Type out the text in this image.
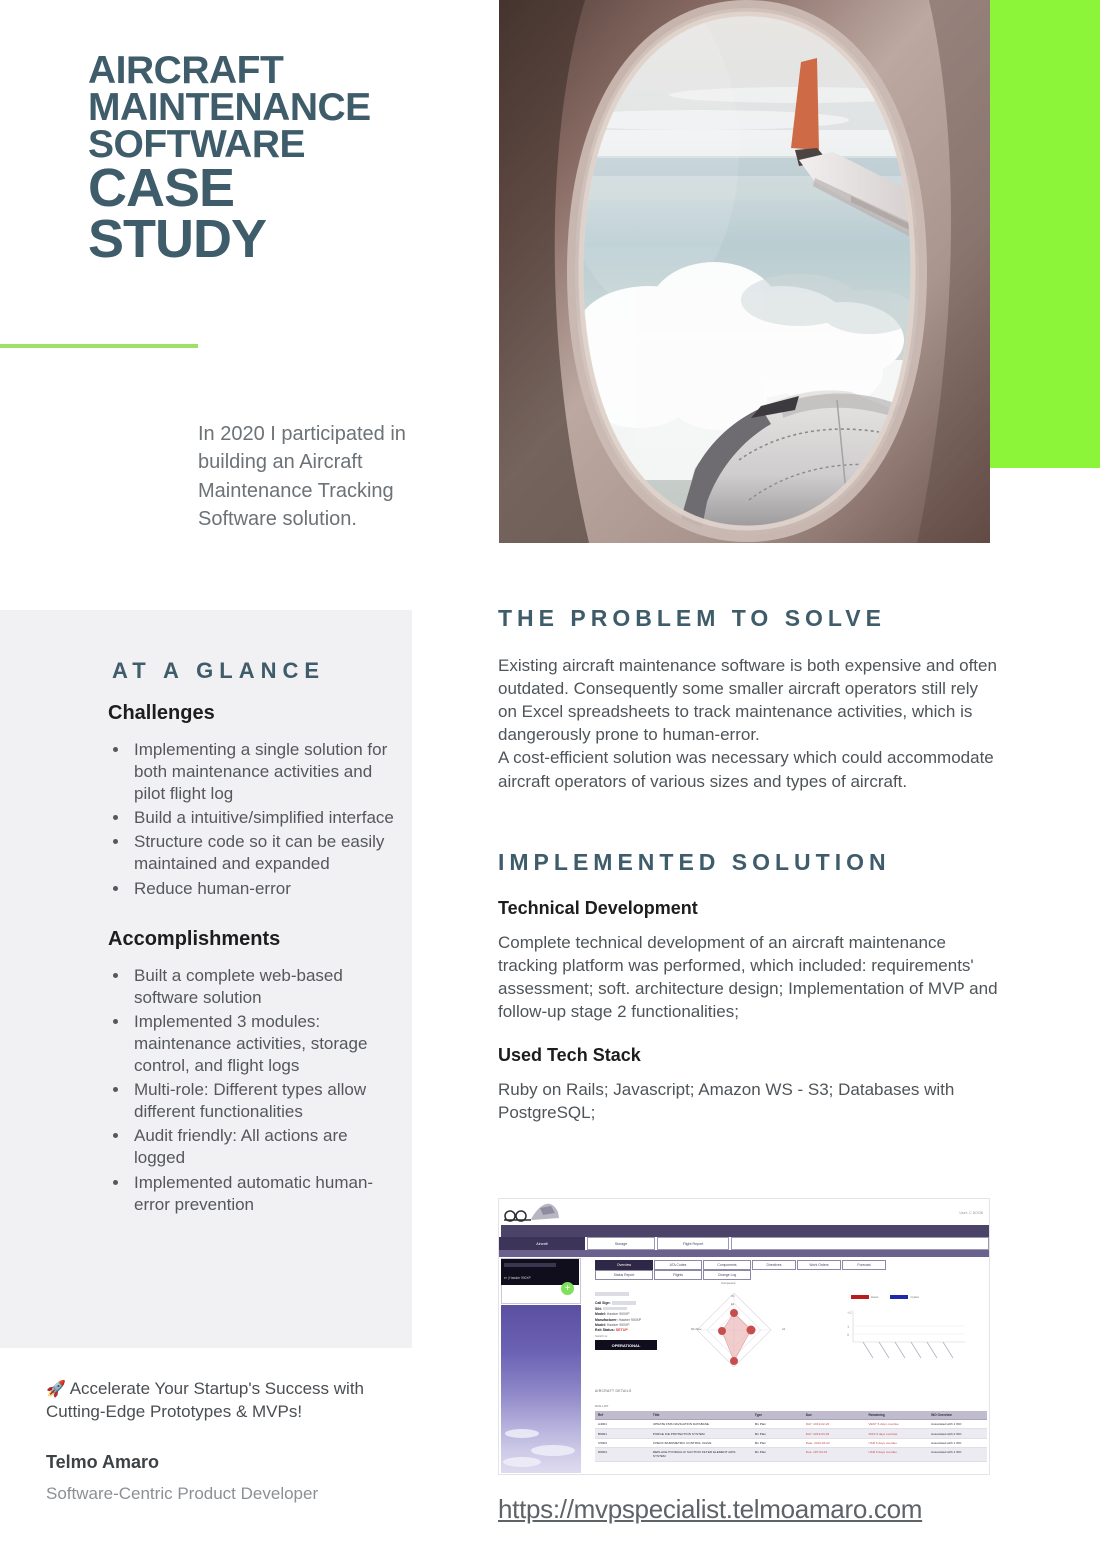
AIRCRAFT
MAINTENANCE
SOFTWARE
CASE
STUDY
In 2020 I participated in building an Aircraft Maintenance Tracking Software solution.
AT A GLANCE
Challenges
• Implementing a single solution for both maintenance activities and pilot flight log
• Build a intuitive/simplified interface
• Structure code so it can be easily maintained and expanded
• Reduce human-error
Accomplishments
• Built a complete web-based software solution
• Implemented 3 modules: maintenance activities, storage control, and flight logs
• Multi-role: Different types allow different functionalities
• Audit friendly: All actions are logged
• Implemented automatic human-error prevention
🚀 Accelerate Your Startup's Success with Cutting-Edge Prototypes & MVPs!
Telmo Amaro
Software-Centric Product Developer
THE PROBLEM TO SOLVE
Existing aircraft maintenance software is both expensive and often outdated. Consequently some smaller aircraft operators still rely on Excel spreadsheets to track maintenance activities, which is dangerously prone to human-error.
A cost-efficient solution was necessary which could accommodate aircraft operators of various sizes and types of aircraft.
IMPLEMENTED SOLUTION
Technical Development
Complete technical development of an aircraft maintenance tracking platform was performed, which included: requirements' assessment; soft. architecture design; Implementation of MVP and follow-up stage 2 functionalities;
Used Tech Stack
Ruby on Rails; Javascript; Amazon WS - S3; Databases with PostgreSQL;
User: C.DOOB
Aircraft	Storage	Flight Report
er | Hawker 900XP
+
Overview	ATA Codes	Components	Directives	Work Orders	Forecast
Status Report	Flights	Change Log
Call Sign:
S/N:
Model: Hawker 900XP
Manufacturer: Hawker 900XP
Model: Hawker 900XP
Exit Status: SETUP
Switch to:
OPERATIONAL
Component
Oil
EL
Air
Min Rev
Hours	Cycles
+2
1
0
AIRCRAFT DETAILS
DUE LIST
Ref	Title	Type	Due	Remaining	WO Overview
A4001	UPDATE FMS NAVIGATION DATABASE	Mx Plan	DAY: 2019-02-20	VERY 6 days overdue	Associated with 1 WO
B6001	PURGE ICE PROTECTION SYSTEM	Mx Plan	DAY: 2019-03-02	2019 6 days overdue	Associated with 2 WO
C5001	CHECK BAROMETRIC CONTROL VALVE	Mx Plan	Date: 2019-03-22	USR 6 days overdue	Associated with 1 WO
D8001	REPLACE HYDRAULIC SUCTION FILTER ELEMENT AIDS SYSTEM	Mx Plan	Due: 19?-03-01	USR 6 days overdue	Associated with 1 WO
https://mvpspecialist.telmoamaro.com
